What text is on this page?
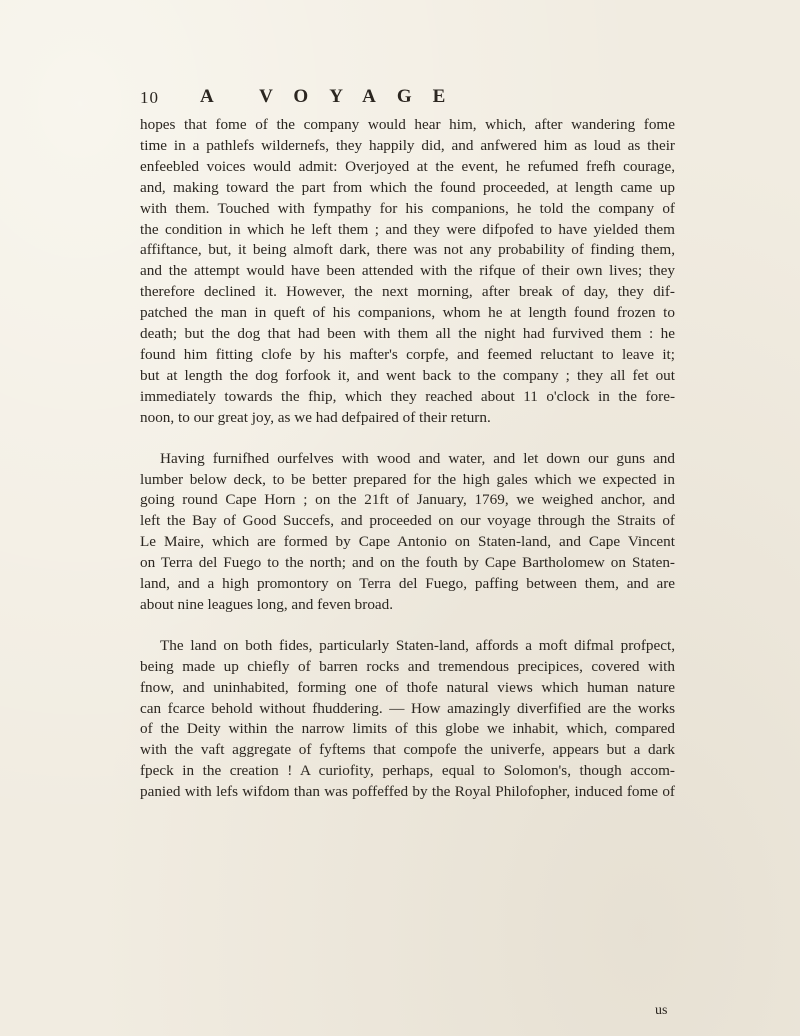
10 A VOYAGE

hopes that fome of the company would hear him, which, after wandering fome
time in a pathlefs wildernefs, they happily did, and anfwered him as loud as their
enfeebled voices would admit: Overjoyed at the event, he refumed frefh courage,
and, making toward the part from which the found proceeded, at length came up
with them. Touched with fympathy for his companions, he told the company of
the condition in which he left them ; and they were difpofed to have yielded them
affiftance, but, it being almoft dark, there was not any probability of finding them,
and the attempt would have been attended with the rifque of their own lives; they
therefore declined it. However, the next morning, after break of day, they dif-
patched the man in queft of his companions, whom he at length found frozen to
death; but the dog that had been with them all the night had furvived them : he
found him fitting clofe by his mafter's corpfe, and feemed reluctant to leave it;
but at length the dog forfook it, and went back to the company ; they all fet out
immediately towards the fhip, which they reached about 11 o'clock in the fore-
noon, to our great joy, as we had defpaired of their return.

Having furnifhed ourfelves with wood and water, and let down our guns and
lumber below deck, to be better prepared for the high gales which we expected in
going round Cape Horn ; on the 21ft of January, 1769, we weighed anchor, and
left the Bay of Good Succefs, and proceeded on our voyage through the Straits of
Le Maire, which are formed by Cape Antonio on Staten-land, and Cape Vincent
on Terra del Fuego to the north; and on the fouth by Cape Bartholomew on Staten-
land, and a high promontory on Terra del Fuego, paffing between them, and are
about nine leagues long, and feven broad.

The land on both fides, particularly Staten-land, affords a moft difmal profpect,
being made up chiefly of barren rocks and tremendous precipices, covered with
fnow, and uninhabited, forming one of thofe natural views which human nature
can fcarce behold without fhuddering. — How amazingly diverfified are the works
of the Deity within the narrow limits of this globe we inhabit, which, compared
with the vaft aggregate of fyftems that compofe the univerfe, appears but a dark
fpeck in the creation ! A curiofity, perhaps, equal to Solomon's, though accom-
panied with lefs wifdom than was poffeffed by the Royal Philofopher, induced fome of

us
